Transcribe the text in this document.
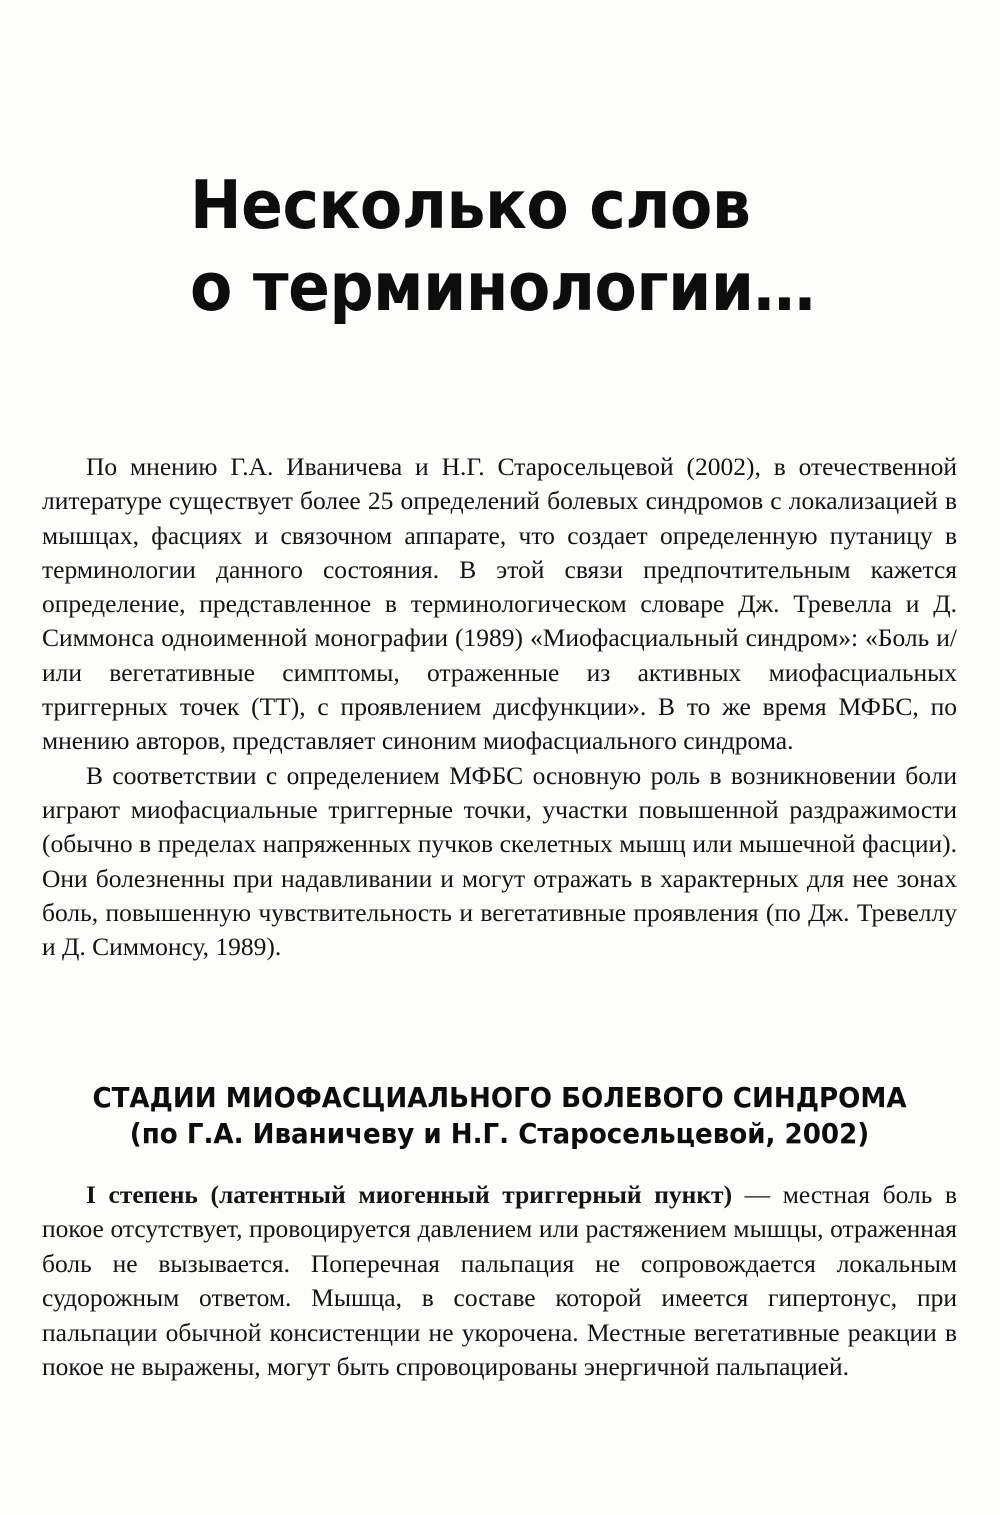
Несколько слов
о терминологии…

По мнению Г.А. Иваничева и Н.Г. Старосельцевой (2002), в отечественной литературе существует более 25 определений болевых синдромов с локализацией в мышцах, фасциях и связочном аппарате, что создает определенную путаницу в терминологии данного состояния. В этой связи предпочтительным кажется определение, представленное в терминологическом словаре Дж. Тревелла и Д. Симмонса одноименной монографии (1989) «Миофасциальный синдром»: «Боль и/или вегетативные симптомы, отраженные из активных миофасциальных триггерных точек (ТТ), с проявлением дисфункции». В то же время МФБС, по мнению авторов, представляет синоним миофасциального синдрома.

В соответствии с определением МФБС основную роль в возникновении боли играют миофасциальные триггерные точки, участки повышенной раздражимости (обычно в пределах напряженных пучков скелетных мышц или мышечной фасции). Они болезненны при надавливании и могут отражать в характерных для нее зонах боль, повышенную чувствительность и вегетативные проявления (по Дж. Тревеллу и Д. Симмонсу, 1989).

СТАДИИ МИОФАСЦИАЛЬНОГО БОЛЕВОГО СИНДРОМА
(по Г.А. Иваничеву и Н.Г. Старосельцевой, 2002)

I степень (латентный миогенный триггерный пункт) — местная боль в покое отсутствует, провоцируется давлением или растяжением мышцы, отраженная боль не вызывается. Поперечная пальпация не сопровождается локальным судорожным ответом. Мышца, в составе которой имеется гипертонус, при пальпации обычной консистенции не укорочена. Местные вегетативные реакции в покое не выражены, могут быть спровоцированы энергичной пальпацией.
